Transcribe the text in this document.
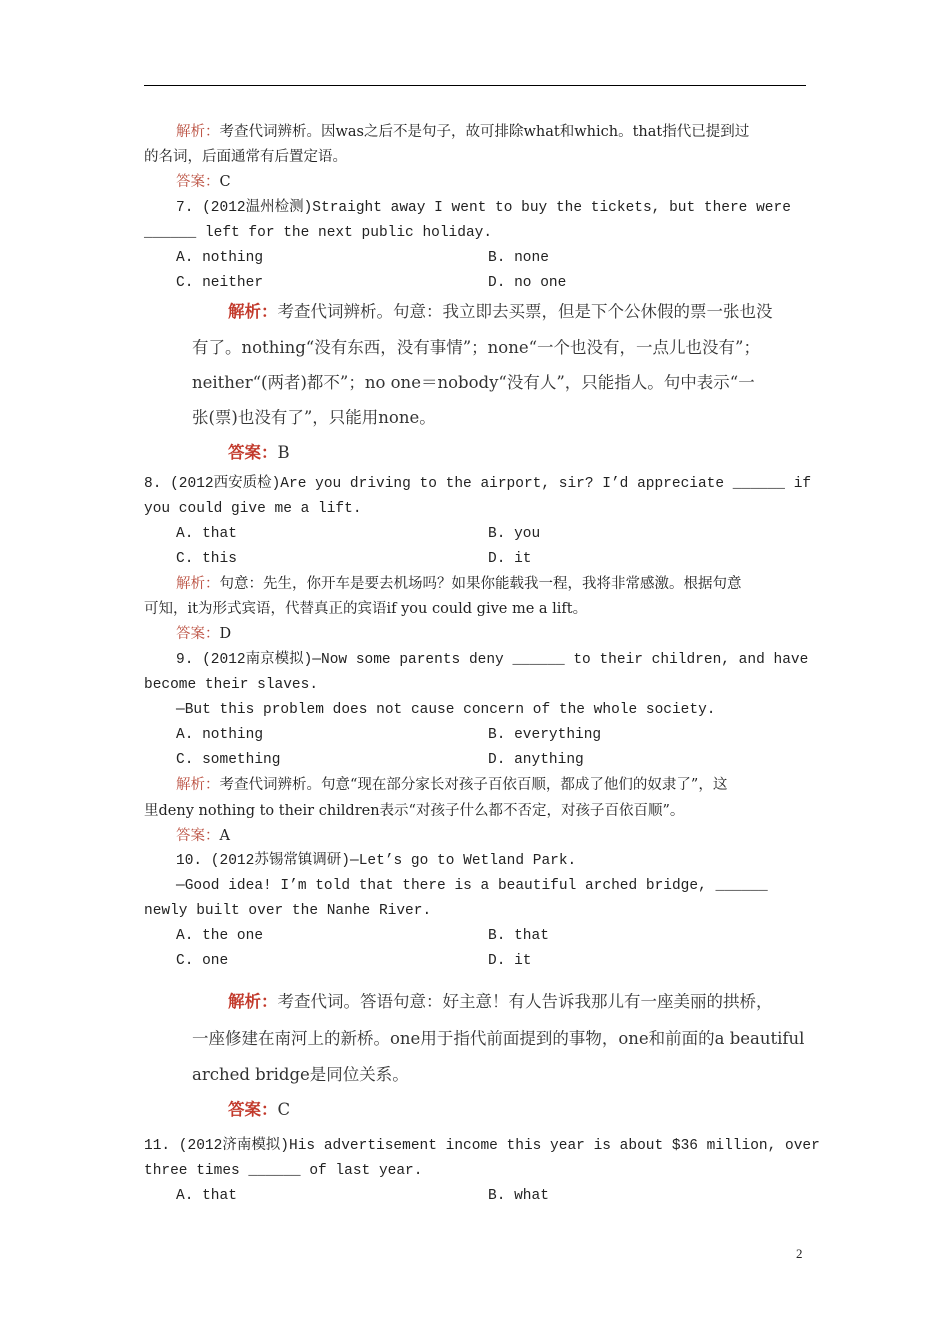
解析：考查代词辨析。因was之后不是句子，故可排除what和which。that指代已提到过
的名词，后面通常有后置定语。
答案：C
7. (2012温州检测)Straight away I went to buy the tickets, but there were
______ left for the next public holiday.
A. nothing	B. none
C. neither	D. no one
解析：考查代词辨析。句意：我立即去买票，但是下个公休假的票一张也没
有了。nothing“没有东西，没有事情”；none“一个也没有，一点儿也没有”；
neither“(两者)都不”；no one＝nobody“没有人”，只能指人。句中表示“一
张(票)也没有了”，只能用none。
答案：B
8. (2012西安质检)Are you driving to the airport, sir? I’d appreciate ______ if
you could give me a lift.
A. that	B. you
C. this	D. it
解析：句意：先生，你开车是要去机场吗？如果你能载我一程，我将非常感激。根据句意
可知，it为形式宾语，代替真正的宾语if you could give me a lift。
答案：D
9. (2012南京模拟)—Now some parents deny ______ to their children, and have
become their slaves.
—But this problem does not cause concern of the whole society.
A. nothing	B. everything
C. something	D. anything
解析：考查代词辨析。句意“现在部分家长对孩子百依百顺，都成了他们的奴隶了”，这
里deny nothing to their children表示“对孩子什么都不否定，对孩子百依百顺”。
答案：A
10. (2012苏锡常镇调研)—Let’s go to Wetland Park.
—Good idea! I’m told that there is a beautiful arched bridge, ______
newly built over the Nanhe River.
A. the one	B. that
C. one	D. it
解析：考查代词。答语句意：好主意！有人告诉我那儿有一座美丽的拱桥，
一座修建在南河上的新桥。one用于指代前面提到的事物，one和前面的a beautiful
arched bridge是同位关系。
答案：C
11. (2012济南模拟)His advertisement income this year is about $36 million, over
three times ______ of last year.
A. that	B. what
2
